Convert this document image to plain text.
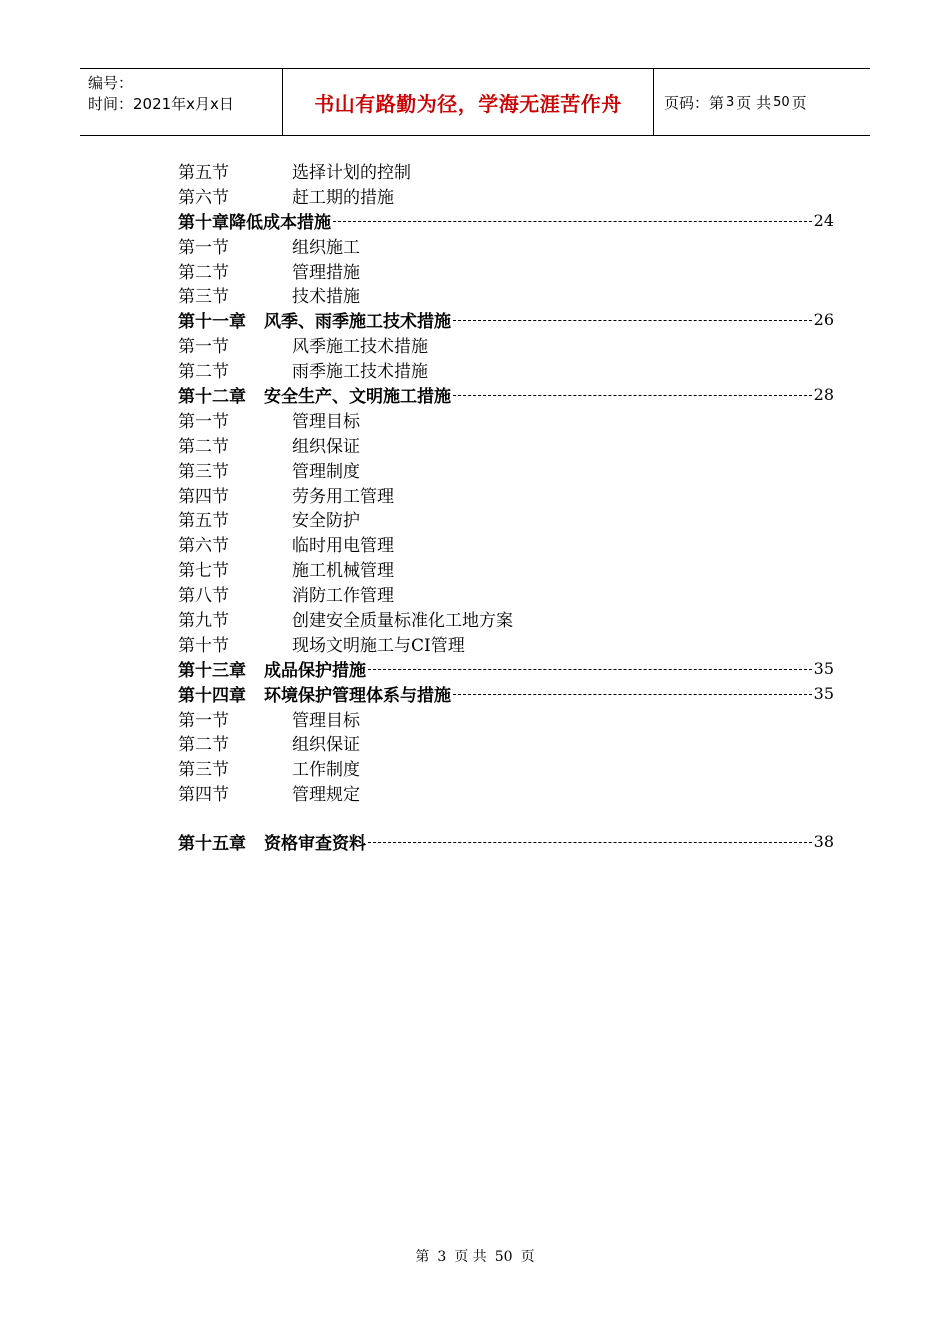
编号：
时间：2021年x月x日	书山有路勤为径，学海无涯苦作舟	页码：第 3 页 共 50 页
第五节	选择计划的控制
第六节	赶工期的措施
第十章降低成本措施	24
第一节	组织施工
第二节	管理措施
第三节	技术措施
第十一章 风季、雨季施工技术措施	26
第一节	风季施工技术措施
第二节	雨季施工技术措施
第十二章 安全生产、文明施工措施	28
第一节	管理目标
第二节	组织保证
第三节	管理制度
第四节	劳务用工管理
第五节	安全防护
第六节	临时用电管理
第七节	施工机械管理
第八节	消防工作管理
第九节	创建安全质量标准化工地方案
第十节	现场文明施工与CI管理
第十三章 成品保护措施	35
第十四章 环境保护管理体系与措施	35
第一节	管理目标
第二节	组织保证
第三节	工作制度
第四节	管理规定
第十五章 资格审查资料	38
第 3 页 共 50 页
